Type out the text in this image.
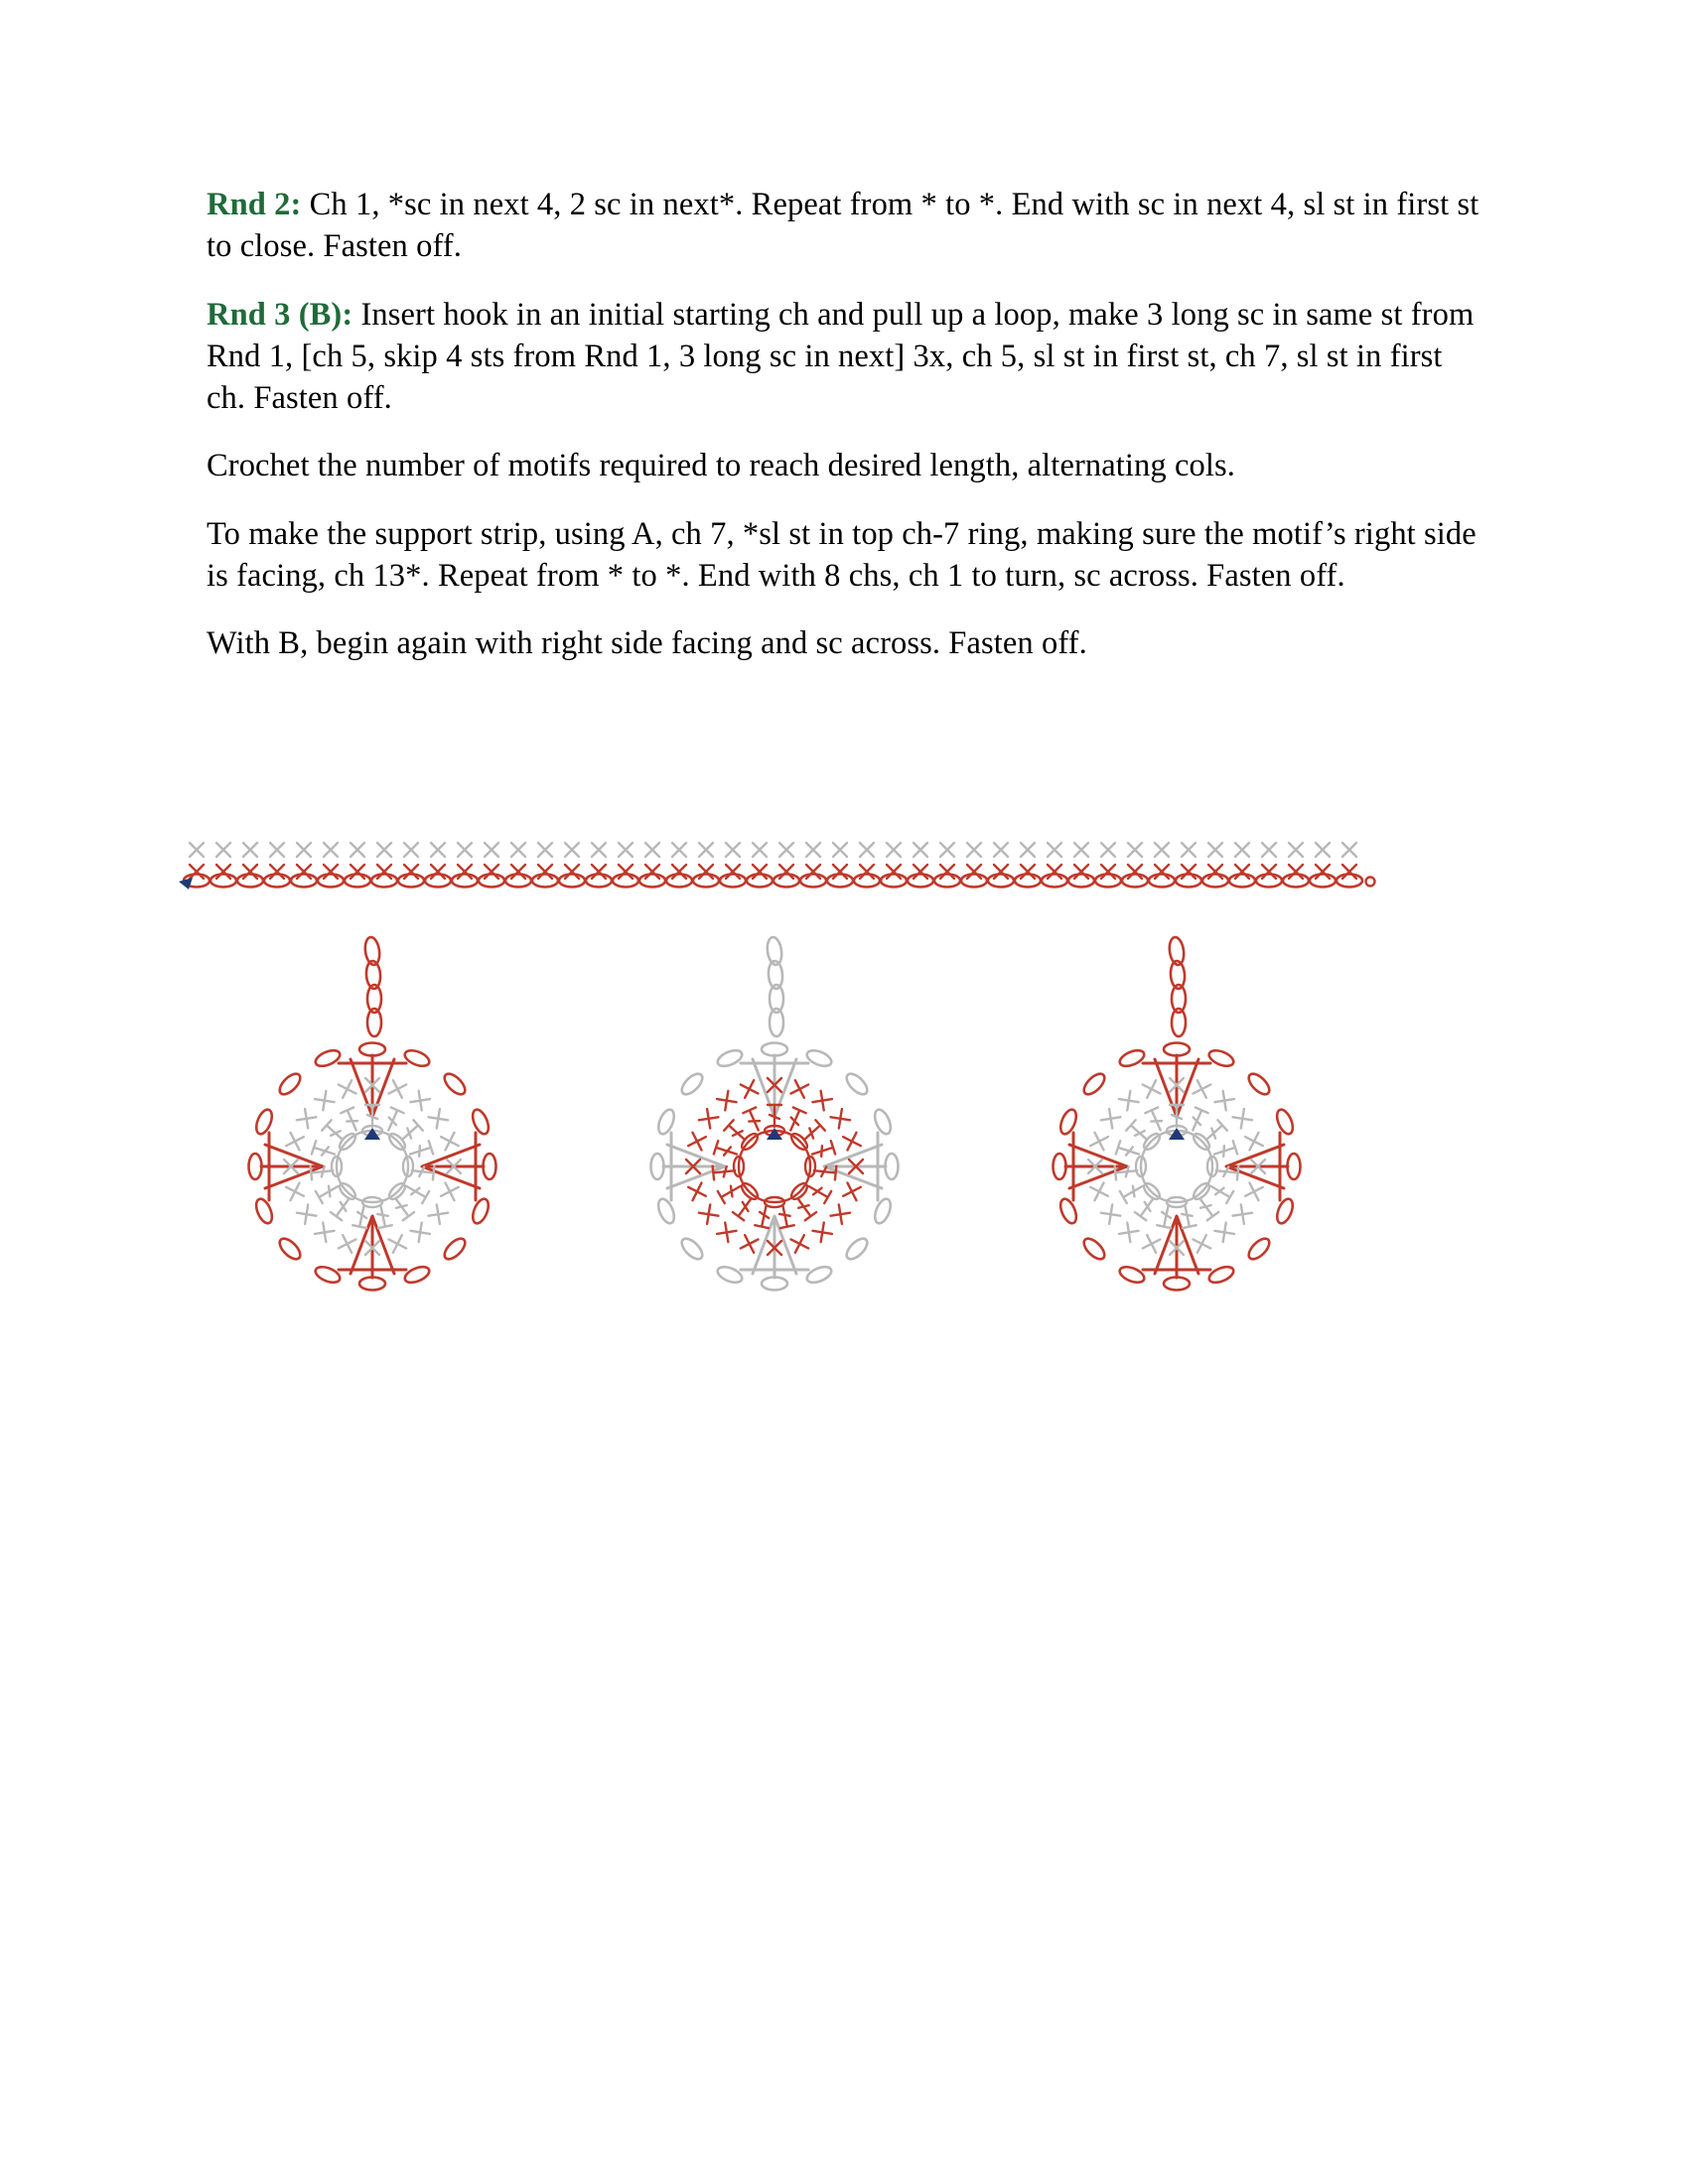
Rnd 2: Ch 1, *sc in next 4, 2 sc in next*. Repeat from * to *. End with sc in next 4, sl st in first st to close. Fasten off.

Rnd 3 (B): Insert hook in an initial starting ch and pull up a loop, make 3 long sc in same st from Rnd 1, [ch 5, skip 4 sts from Rnd 1, 3 long sc in next] 3x, ch 5, sl st in first st, ch 7, sl st in first ch. Fasten off.

Crochet the number of motifs required to reach desired length, alternating cols.

To make the support strip, using A, ch 7, *sl st in top ch-7 ring, making sure the motif’s right side is facing, ch 13*. Repeat from * to *. End with 8 chs, ch 1 to turn, sc across. Fasten off.

With B, begin again with right side facing and sc across. Fasten off.
